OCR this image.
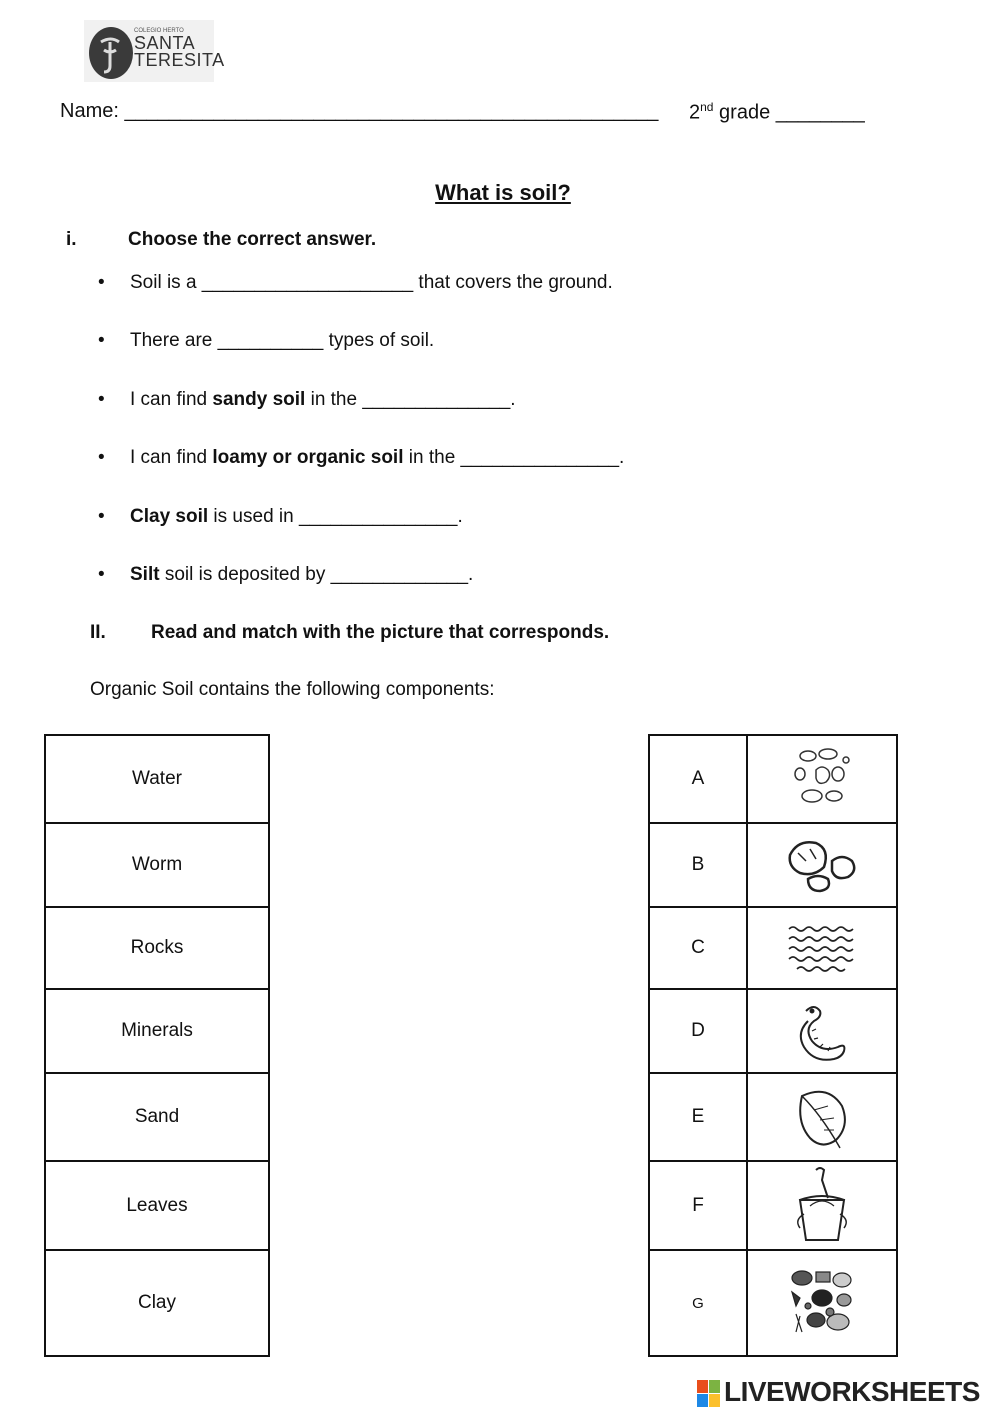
COLEGIO HERTO
SANTA
TERESITA
Name: ________________________________________________ 2nd grade ________
What is soil?
i.	Choose the correct answer.
• Soil is a ____________________ that covers the ground.
• There are __________ types of soil.
• I can find sandy soil in the ______________.
• I can find loamy or organic soil in the _______________.
• Clay soil is used in _______________.
• Silt soil is deposited by _____________.
II. Read and match with the picture that corresponds.
Organic Soil contains the following components:
Water
Worm
Rocks
Minerals
Sand
Leaves
Clay
A	

B	

C	

D	

E	

F	

G	
LIVEWORKSHEETS
